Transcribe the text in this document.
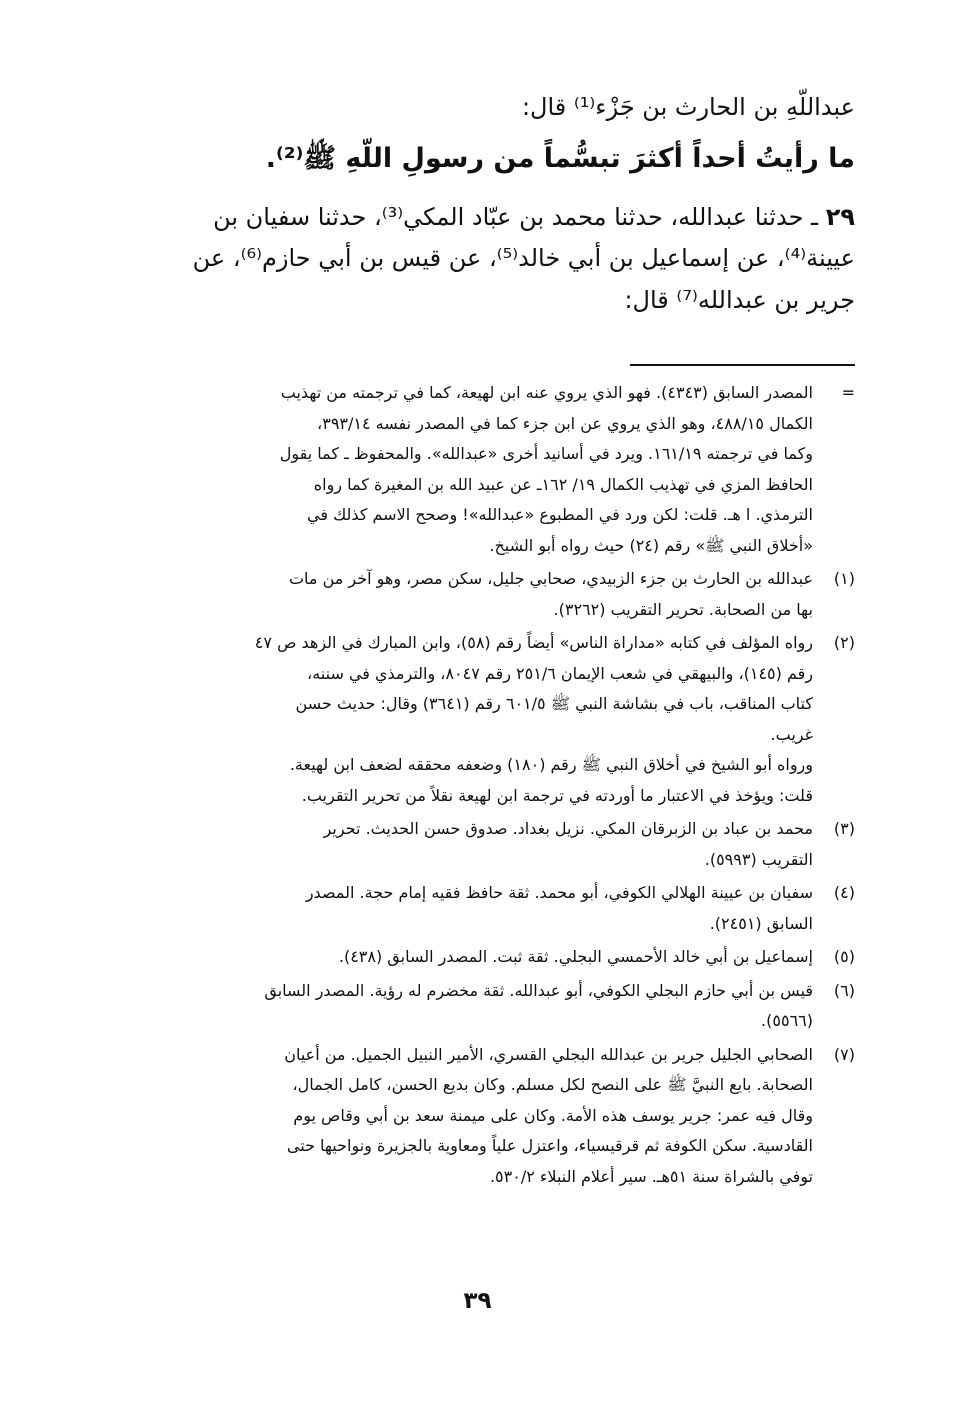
عبداللّهِ بن الحارث بن جَزْء⁽¹⁾ قال:
ما رأيتُ أحداً أكثرَ تبسُّماً من رسولِ اللّهِ ﷺ⁽²⁾.
٢٩ ـ حدثنا عبدالله، حدثنا محمد بن عبّاد المكي⁽³⁾، حدثنا سفيان بن
عيينة⁽⁴⁾، عن إسماعيل بن أبي خالد⁽⁵⁾، عن قيس بن أبي حازم⁽⁶⁾، عن
جرير بن عبدالله⁽⁷⁾ قال:
=
المصدر السابق (٤٣٤٣). فهو الذي يروي عنه ابن لهيعة، كما في ترجمته من تهذيب
الكمال ٤٨٨/١٥، وهو الذي يروي عن ابن جزء كما في المصدر نفسه ٣٩٣/١٤،
وكما في ترجمته ١٦١/١٩. ويرد في أسانيد أخرى «عبدالله». والمحفوظ ـ كما يقول
الحافظ المزي في تهذيب الكمال ١٩/ ١٦٢ـ عن عبيد الله بن المغيرة كما رواه
الترمذي. ا هـ. قلت: لكن ورد في المطبوع «عبدالله»! وصحح الاسم كذلك في
«أخلاق النبي ﷺ» رقم (٢٤) حيث رواه أبو الشيخ.
(١)
عبدالله بن الحارث بن جزء الزبيدي، صحابي جليل، سكن مصر، وهو آخر من مات
بها من الصحابة. تحرير التقريب (٣٢٦٢).
(٢)
رواه المؤلف في كتابه «مداراة الناس» أيضاً رقم (٥٨)، وابن المبارك في الزهد ص ٤٧
رقم (١٤٥)، والبيهقي في شعب الإيمان ٢٥١/٦ رقم ٨٠٤٧، والترمذي في سننه،
كتاب المناقب، باب في بشاشة النبي ﷺ ٦٠١/٥ رقم (٣٦٤١) وقال: حديث حسن
غريب.
ورواه أبو الشيخ في أخلاق النبي ﷺ رقم (١٨٠) وضعفه محققه لضعف ابن لهيعة.
قلت: ويؤخذ في الاعتبار ما أوردته في ترجمة ابن لهيعة نقلاً من تحرير التقريب.
(٣)
محمد بن عباد بن الزبرقان المكي. نزيل بغداد. صدوق حسن الحديث. تحرير
التقريب (٥٩٩٣).
(٤)
سفيان بن عيينة الهلالي الكوفي، أبو محمد. ثقة حافظ فقيه إمام حجة. المصدر
السابق (٢٤٥١).
(٥)
إسماعيل بن أبي خالد الأحمسي البجلي. ثقة ثبت. المصدر السابق (٤٣٨).
(٦)
قيس بن أبي حازم البجلي الكوفي، أبو عبدالله. ثقة مخضرم له رؤية. المصدر السابق
(٥٥٦٦).
(٧)
الصحابي الجليل جرير بن عبدالله البجلي القسري، الأمير النبيل الجميل. من أعيان
الصحابة. بايع النبيَّ ﷺ على النصح لكل مسلم. وكان بديع الحسن، كامل الجمال،
وقال فيه عمر: جرير يوسف هذه الأمة. وكان على ميمنة سعد بن أبي وقاص يوم
القادسية. سكن الكوفة ثم قرقيسياء، واعتزل علياً ومعاوية بالجزيرة ونواحيها حتى
توفي بالشراة سنة ٥١هـ. سير أعلام النبلاء ٥٣٠/٢.
٣٩
